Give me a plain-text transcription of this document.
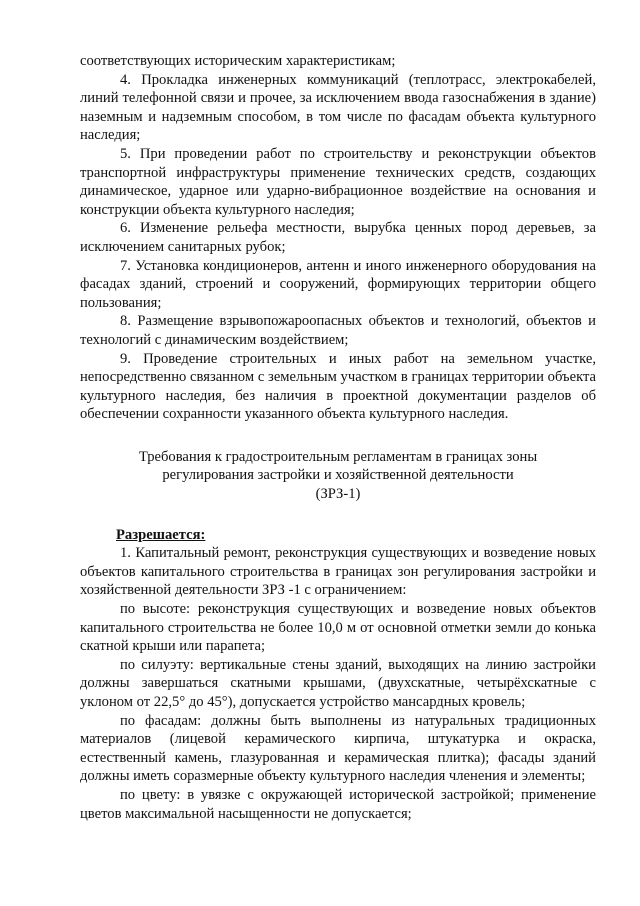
соответствующих историческим характеристикам;

4. Прокладка инженерных коммуникаций (теплотрасс, электрокабелей, линий телефонной связи и прочее, за исключением ввода газоснабжения в здание) наземным и надземным способом, в том числе по фасадам объекта культурного наследия;

5. При проведении работ по строительству и реконструкции объектов транспортной инфраструктуры применение технических средств, создающих динамическое, ударное или ударно-вибрационное воздействие на основания и конструкции объекта культурного наследия;

6. Изменение рельефа местности, вырубка ценных пород деревьев, за исключением санитарных рубок;

7. Установка кондиционеров, антенн и иного инженерного оборудования на фасадах зданий, строений и сооружений, формирующих территории общего пользования;

8. Размещение взрывопожароопасных объектов и технологий, объектов и технологий с динамическим воздействием;

9. Проведение строительных и иных работ на земельном участке, непосредственно связанном с земельным участком в границах территории объекта культурного наследия, без наличия в проектной документации разделов об обеспечении сохранности указанного объекта культурного наследия.

Требования к градостроительным регламентам в границах зоны
регулирования застройки и хозяйственной деятельности
(ЗРЗ-1)

Разрешается:

1. Капитальный ремонт, реконструкция существующих и возведение новых объектов капитального строительства в границах зон регулирования застройки и хозяйственной деятельности ЗРЗ -1 с ограничением:

по высоте: реконструкция существующих и возведение новых объектов капитального строительства не более 10,0 м от основной отметки земли до конька скатной крыши или парапета;

по силуэту: вертикальные стены зданий, выходящих на линию застройки должны завершаться скатными крышами, (двухскатные, четырёхскатные с уклоном от 22,5° до 45°), допускается устройство мансардных кровель;

по фасадам: должны быть выполнены из натуральных традиционных материалов (лицевой керамического кирпича, штукатурка и окраска, естественный камень, глазурованная и керамическая плитка); фасады зданий должны иметь соразмерные объекту культурного наследия членения и элементы;

по цвету: в увязке с окружающей исторической застройкой; применение цветов максимальной насыщенности не допускается;
